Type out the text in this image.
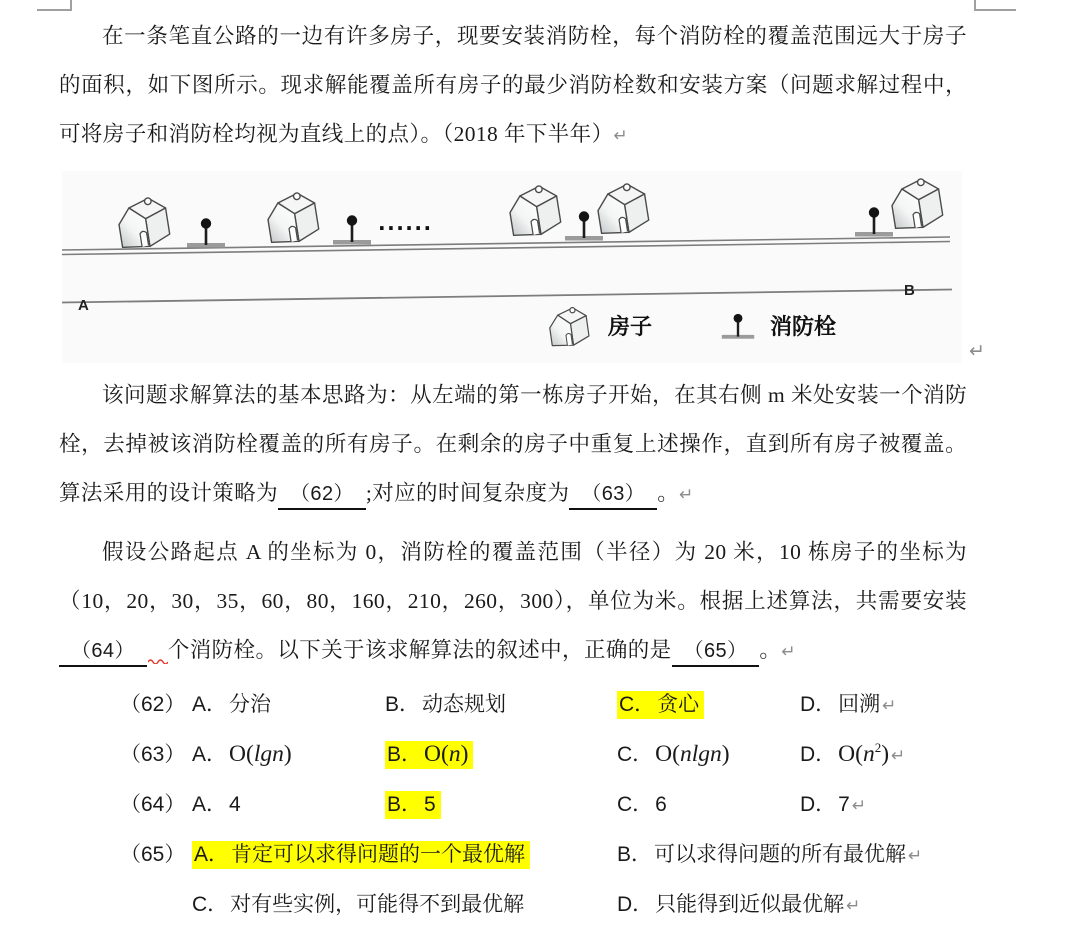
在一条笔直公路的一边有许多房子，现要安装消防栓，每个消防栓的覆盖范围远大于房子的面积，如下图所示。现求解能覆盖所有房子的最少消防栓数和安装方案（问题求解过程中，可将房子和消防栓均视为直线上的点）。（2018 年下半年）↵
......
A
B
房子	消防栓
↵
该问题求解算法的基本思路为：从左端的第一栋房子开始，在其右侧 m 米处安装一个消防栓，去掉被该消防栓覆盖的所有房子。在剩余的房子中重复上述操作，直到所有房子被覆盖。算法采用的设计策略为 （62） ;对应的时间复杂度为 （63） 。↵
假设公路起点 A 的坐标为 0，消防栓的覆盖范围（半径）为 20 米，10 栋房子的坐标为（10，20，30，35，60，80，160，210，260，300），单位为米。根据上述算法，共需要安装（64） 个消防栓。以下关于该求解算法的叙述中，正确的是 （65） 。↵
（62） A．分治	B．动态规划	C．贪心	D．回溯 ↵
（63） A．O(lgn)	B．O(n)	C．O(nlgn)	D．$O(n^2)$ ↵
（64） A．4	B．5	C．6	D．7 ↵
（65） A．肯定可以求得问题的一个最优解	B．可以求得问题的所有最优解 ↵
C．对有些实例，可能得不到最优解	D．只能得到近似最优解 ↵
